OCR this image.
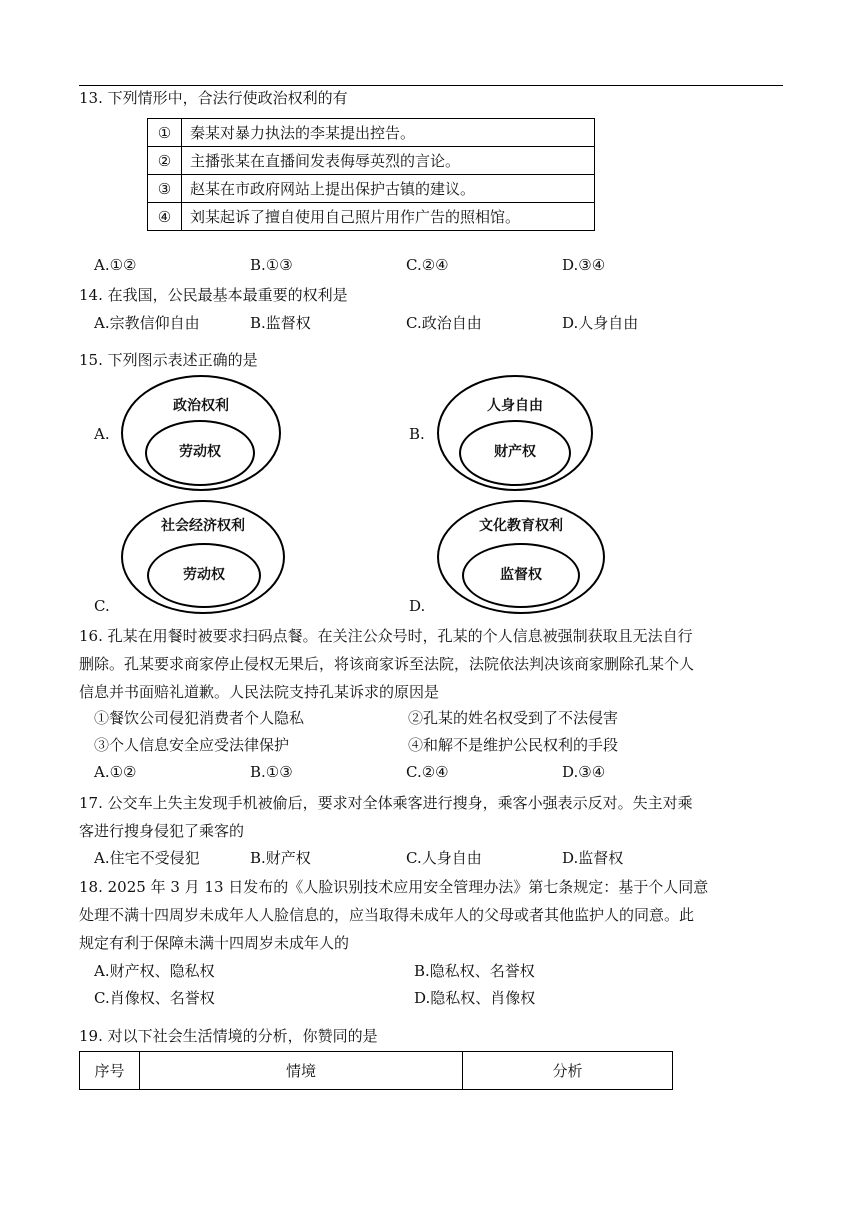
13. 下列情形中，合法行使政治权利的有
①	秦某对暴力执法的李某提出控告。
②	主播张某在直播间发表侮辱英烈的言论。
③	赵某在市政府网站上提出保护古镇的建议。
④	刘某起诉了擅自使用自己照片用作广告的照相馆。
A.①②	B.①③	C.②④	D.③④
14. 在我国，公民最基本最重要的权利是
A.宗教信仰自由	B.监督权	C.政治自由	D.人身自由
15. 下列图示表述正确的是
A.
政治权利
劳动权
B.
人身自由
财产权
C.
社会经济权利
劳动权
D.
文化教育权利
监督权
16. 孔某在用餐时被要求扫码点餐。在关注公众号时，孔某的个人信息被强制获取且无法自行
删除。孔某要求商家停止侵权无果后，将该商家诉至法院，法院依法判决该商家删除孔某个人
信息并书面赔礼道歉。人民法院支持孔某诉求的原因是
①餐饮公司侵犯消费者个人隐私	②孔某的姓名权受到了不法侵害
③个人信息安全应受法律保护	④和解不是维护公民权利的手段
A.①②	B.①③	C.②④	D.③④
17. 公交车上失主发现手机被偷后，要求对全体乘客进行搜身，乘客小强表示反对。失主对乘
客进行搜身侵犯了乘客的
A.住宅不受侵犯	B.财产权	C.人身自由	D.监督权
18. 2025 年 3 月 13 日发布的《人脸识别技术应用安全管理办法》第七条规定：基于个人同意
处理不满十四周岁未成年人人脸信息的，应当取得未成年人的父母或者其他监护人的同意。此
规定有利于保障未满十四周岁未成年人的
A.财产权、隐私权	B.隐私权、名誉权
C.肖像权、名誉权	D.隐私权、肖像权
19. 对以下社会生活情境的分析，你赞同的是
序号	情境	分析
